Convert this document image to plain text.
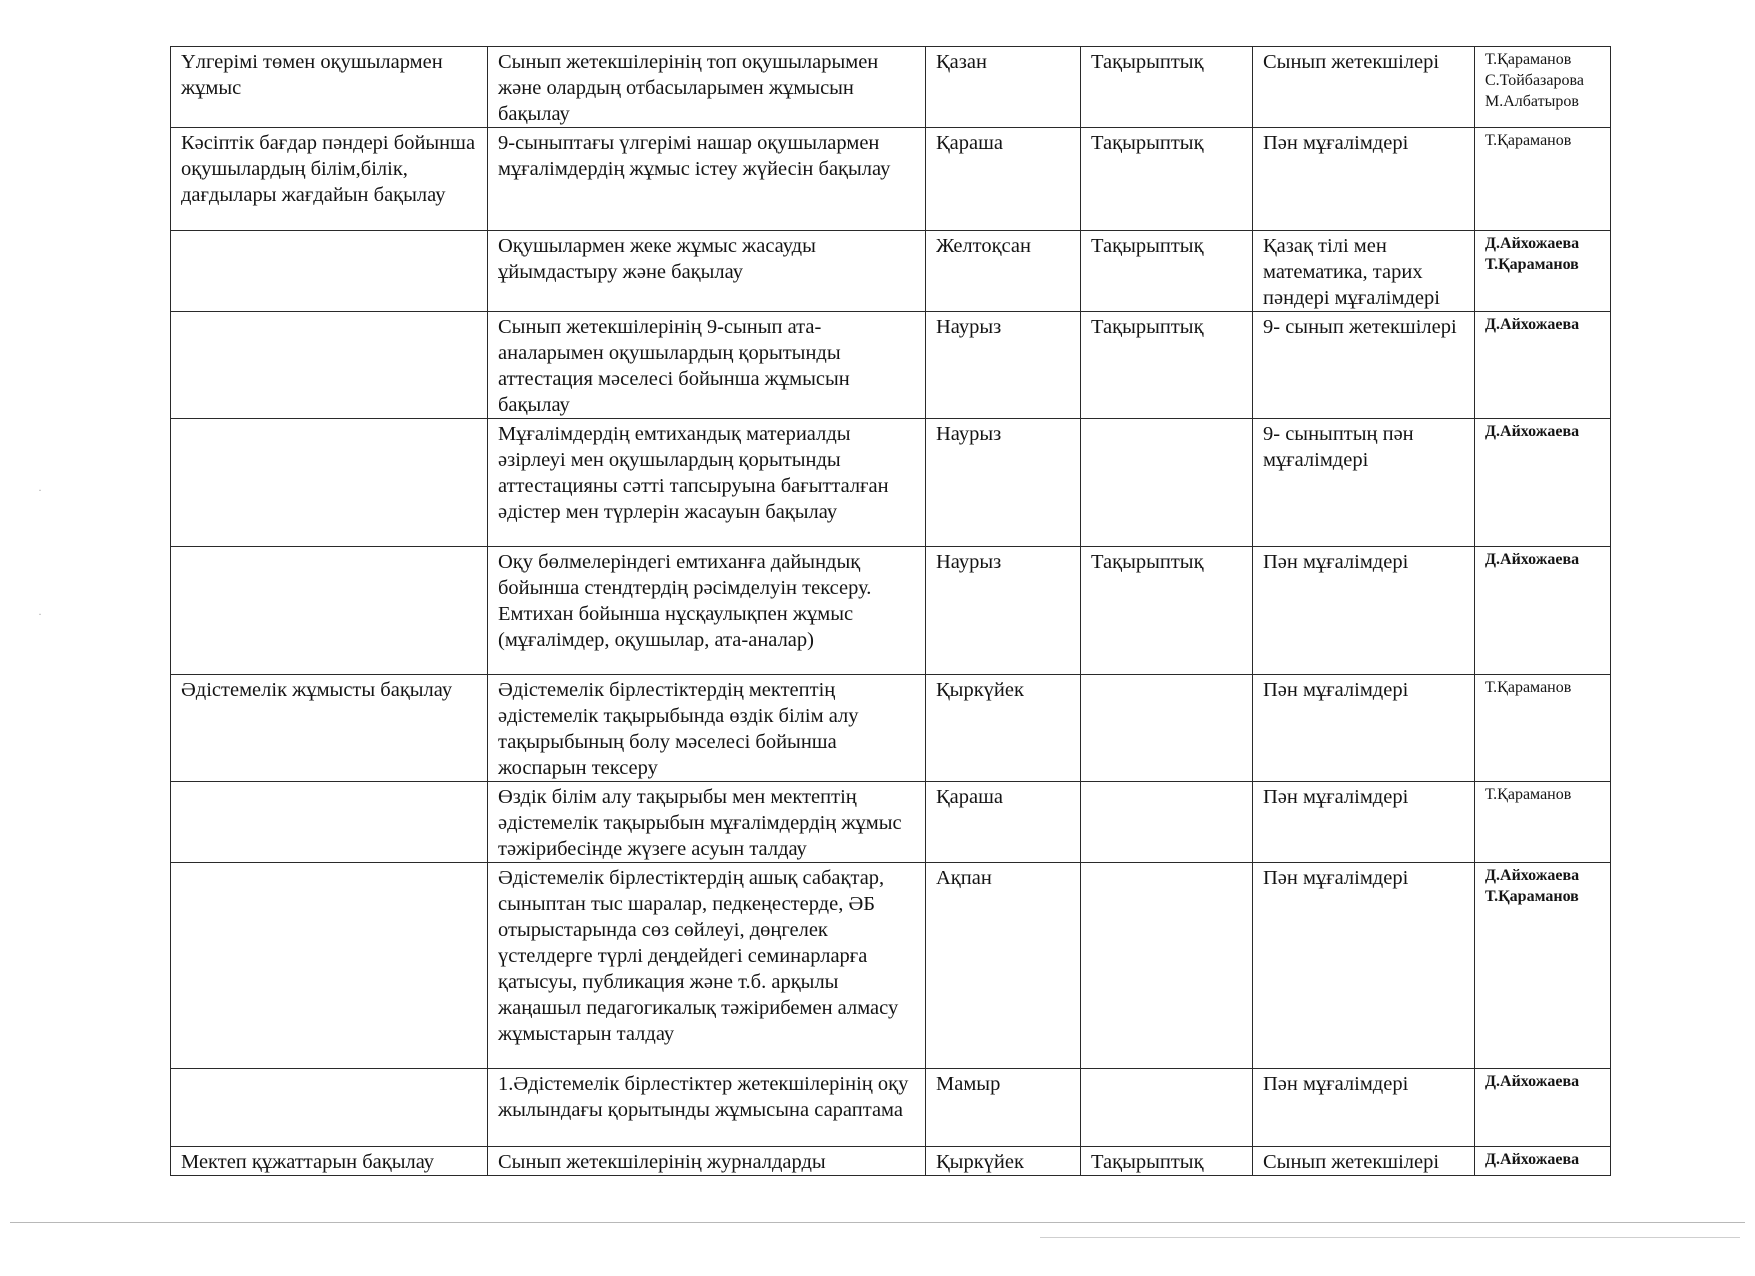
Үлгерімі төмен оқушылармен жұмыс	Сынып жетекшілерінің топ оқушыларымен және олардың отбасыларымен жұмысын бақылау	Қазан	Тақырыптық	Сынып жетекшілері	Т.Қараманов
С.Тойбазарова
М.Албатыров

Кәсіптік бағдар пәндері бойынша оқушылардың білім,білік, дағдылары жағдайын бақылау	9-сыныптағы үлгерімі нашар оқушылармен мұғалімдердің жұмыс істеу жүйесін бақылау	Қараша	Тақырыптық	Пән мұғалімдері	Т.Қараманов

	Оқушылармен жеке жұмыс жасауды ұйымдастыру және бақылау	Желтоқсан	Тақырыптық	Қазақ тілі мен математика, тарих пәндері мұғалімдері	Д.Айхожаева
Т.Қараманов

	Сынып жетекшілерінің 9-сынып ата-аналарымен оқушылардың қорытынды аттестация мәселесі бойынша жұмысын бақылау	Наурыз	Тақырыптық	9- сынып жетекшілері	Д.Айхожаева

	Мұғалімдердің емтихандық материалды әзірлеуі мен оқушылардың қорытынды аттестацияны сәтті тапсыруына бағытталған әдістер мен түрлерін жасауын бақылау	Наурыз		9- сыныптың пән мұғалімдері	Д.Айхожаева

	Оқу бөлмелеріндегі емтиханға дайындық бойынша стендтердің рәсімделуін тексеру. Емтихан бойынша нұсқаулықпен жұмыс (мұғалімдер, оқушылар, ата-аналар)	Наурыз	Тақырыптық	Пән мұғалімдері	Д.Айхожаева

Әдістемелік жұмысты бақылау	Әдістемелік бірлестіктердің мектептің әдістемелік тақырыбында өздік білім алу тақырыбының болу мәселесі бойынша жоспарын тексеру	Қыркүйек		Пән мұғалімдері	Т.Қараманов

	Өздік білім алу тақырыбы мен мектептің әдістемелік тақырыбын мұғалімдердің жұмыс тәжірибесінде жүзеге асуын талдау	Қараша		Пән мұғалімдері	Т.Қараманов

	Әдістемелік бірлестіктердің ашық сабақтар, сыныптан тыс шаралар, педкеңестерде, ӘБ отырыстарында сөз сөйлеуі, дөңгелек үстелдерге түрлі деңдейдегі семинарларға қатысуы, публикация және т.б. арқылы жаңашыл педагогикалық тәжірибемен алмасу жұмыстарын талдау	Ақпан		Пән мұғалімдері	Д.Айхожаева
Т.Қараманов

	1.Әдістемелік бірлестіктер жетекшілерінің оқу жылындағы қорытынды жұмысына сараптама	Мамыр		Пән мұғалімдері	Д.Айхожаева

Мектеп құжаттарын бақылау	Сынып жетекшілерінің журналдарды	Қыркүйек	Тақырыптық	Сынып жетекшілері	Д.Айхожаева
·
·
